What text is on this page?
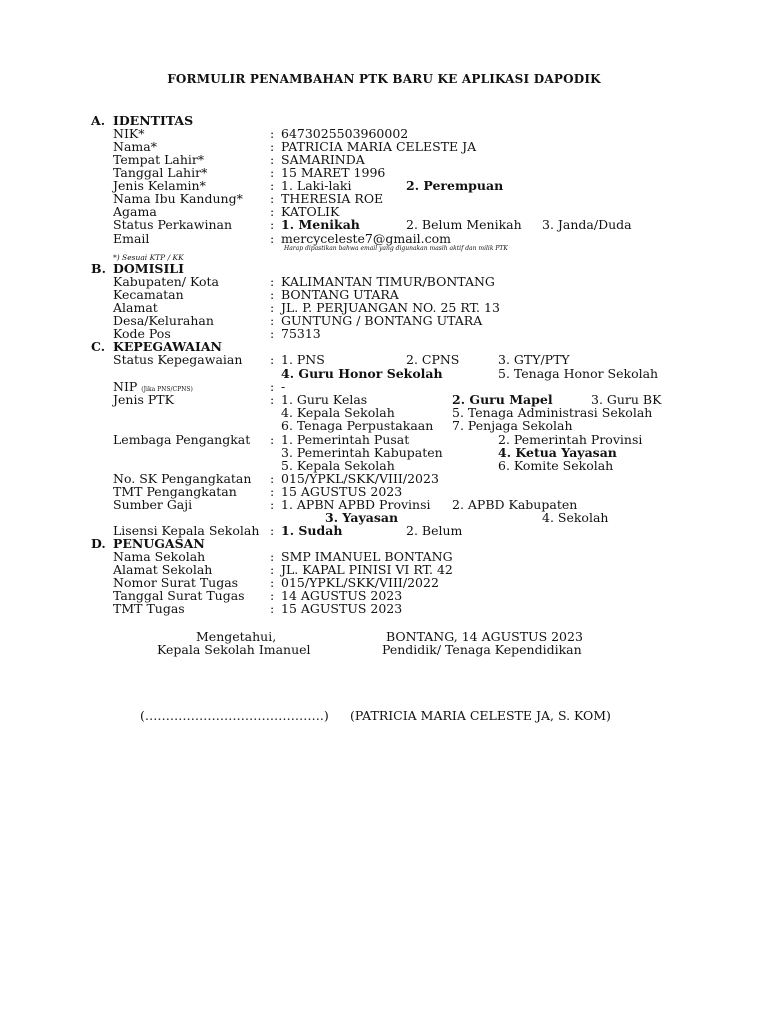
FORMULIR PENAMBAHAN PTK BARU KE APLIKASI DAPODIK
A. IDENTITAS
NIK*	: 6473025503960002
Nama*	: PATRICIA MARIA CELESTE JA
Tempat Lahir*	: SAMARINDA
Tanggal Lahir*	: 15 MARET 1996
Jenis Kelamin*	: 1. Laki-laki	2. Perempuan
Nama Ibu Kandung* : THERESIA ROE
Agama	: KATOLIK
Status Perkawinan	: 1. Menikah	2. Belum Menikah 3. Janda/Duda
Email	: mercyceleste7@gmail.com
Harap dipastikan bahwa email yang digunakan masih aktif dan milik PTK
*) Sesuai KTP / KK
B. DOMISILI
Kabupaten/ Kota	: KALIMANTAN TIMUR/BONTANG
Kecamatan	: BONTANG UTARA
Alamat	: JL. P. PERJUANGAN NO. 25 RT. 13
Desa/Kelurahan	: GUNTUNG / BONTANG UTARA
Kode Pos	: 75313
C. KEPEGAWAIAN
Status Kepegawaian : 1. PNS	2. CPNS	3. GTY/PTY
4. Guru Honor Sekolah	5. Tenaga Honor Sekolah
NIP (Jika PNS/CPNS)	: -
Jenis PTK	: 1. Guru Kelas	2. Guru Mapel	3. Guru BK
4. Kepala Sekolah	5. Tenaga Administrasi Sekolah
6. Tenaga Perpustakaan 7. Penjaga Sekolah
Lembaga Pengangkat : 1. Pemerintah Pusat	2. Pemerintah Provinsi
3. Pemerintah Kabupaten	4. Ketua Yayasan
5. Kepala Sekolah	6. Komite Sekolah
No. SK Pengangkatan : 015/YPKL/SKK/VIII/2023
TMT Pengangkatan	: 15 AGUSTUS 2023
Sumber Gaji	: 1. APBN APBD Provinsi 2. APBD Kabupaten
3. Yayasan	4. Sekolah
Lisensi Kepala Sekolah : 1. Sudah	2. Belum
D. PENUGASAN
Nama Sekolah	: SMP IMANUEL BONTANG
Alamat Sekolah	: JL. KAPAL PINISI VI RT. 42
Nomor Surat Tugas	: 015/YPKL/SKK/VIII/2022
Tanggal Surat Tugas : 14 AGUSTUS 2023
TMT Tugas	: 15 AGUSTUS 2023
Mengetahui,
Kepala Sekolah Imanuel
BONTANG, 14 AGUSTUS 2023
Pendidik/ Tenaga Kependidikan
(…………………………………….) (PATRICIA MARIA CELESTE JA, S. KOM)
